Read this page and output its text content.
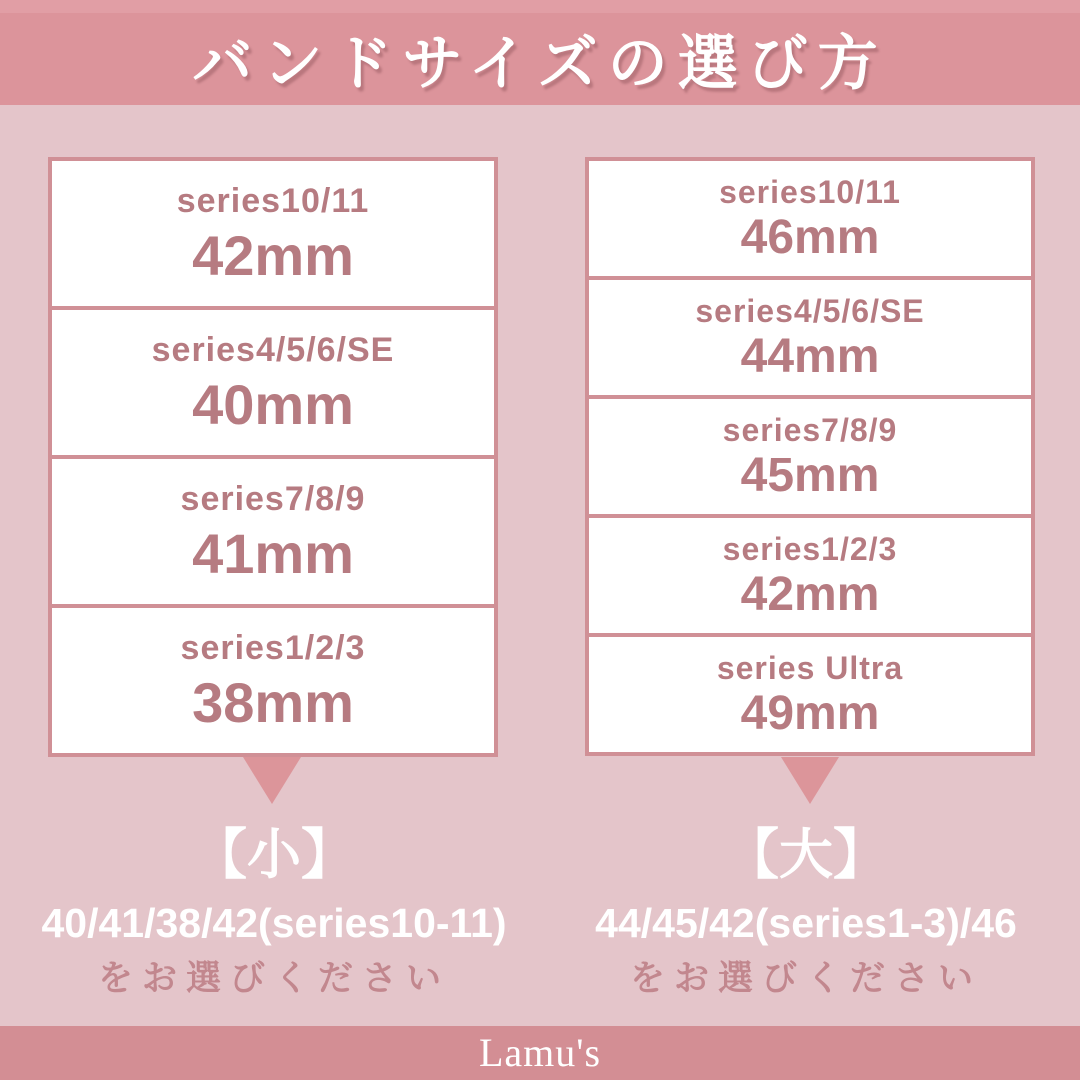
バンドサイズの選び方
series10/11
42mm
series4/5/6/SE
40mm
series7/8/9
41mm
series1/2/3
38mm
series10/11
46mm
series4/5/6/SE
44mm
series7/8/9
45mm
series1/2/3
42mm
series Ultra
49mm
【小】
40/41/38/42(series10-11)
をお選びください
【大】
44/45/42(series1-3)/46
をお選びください
Lamu's
